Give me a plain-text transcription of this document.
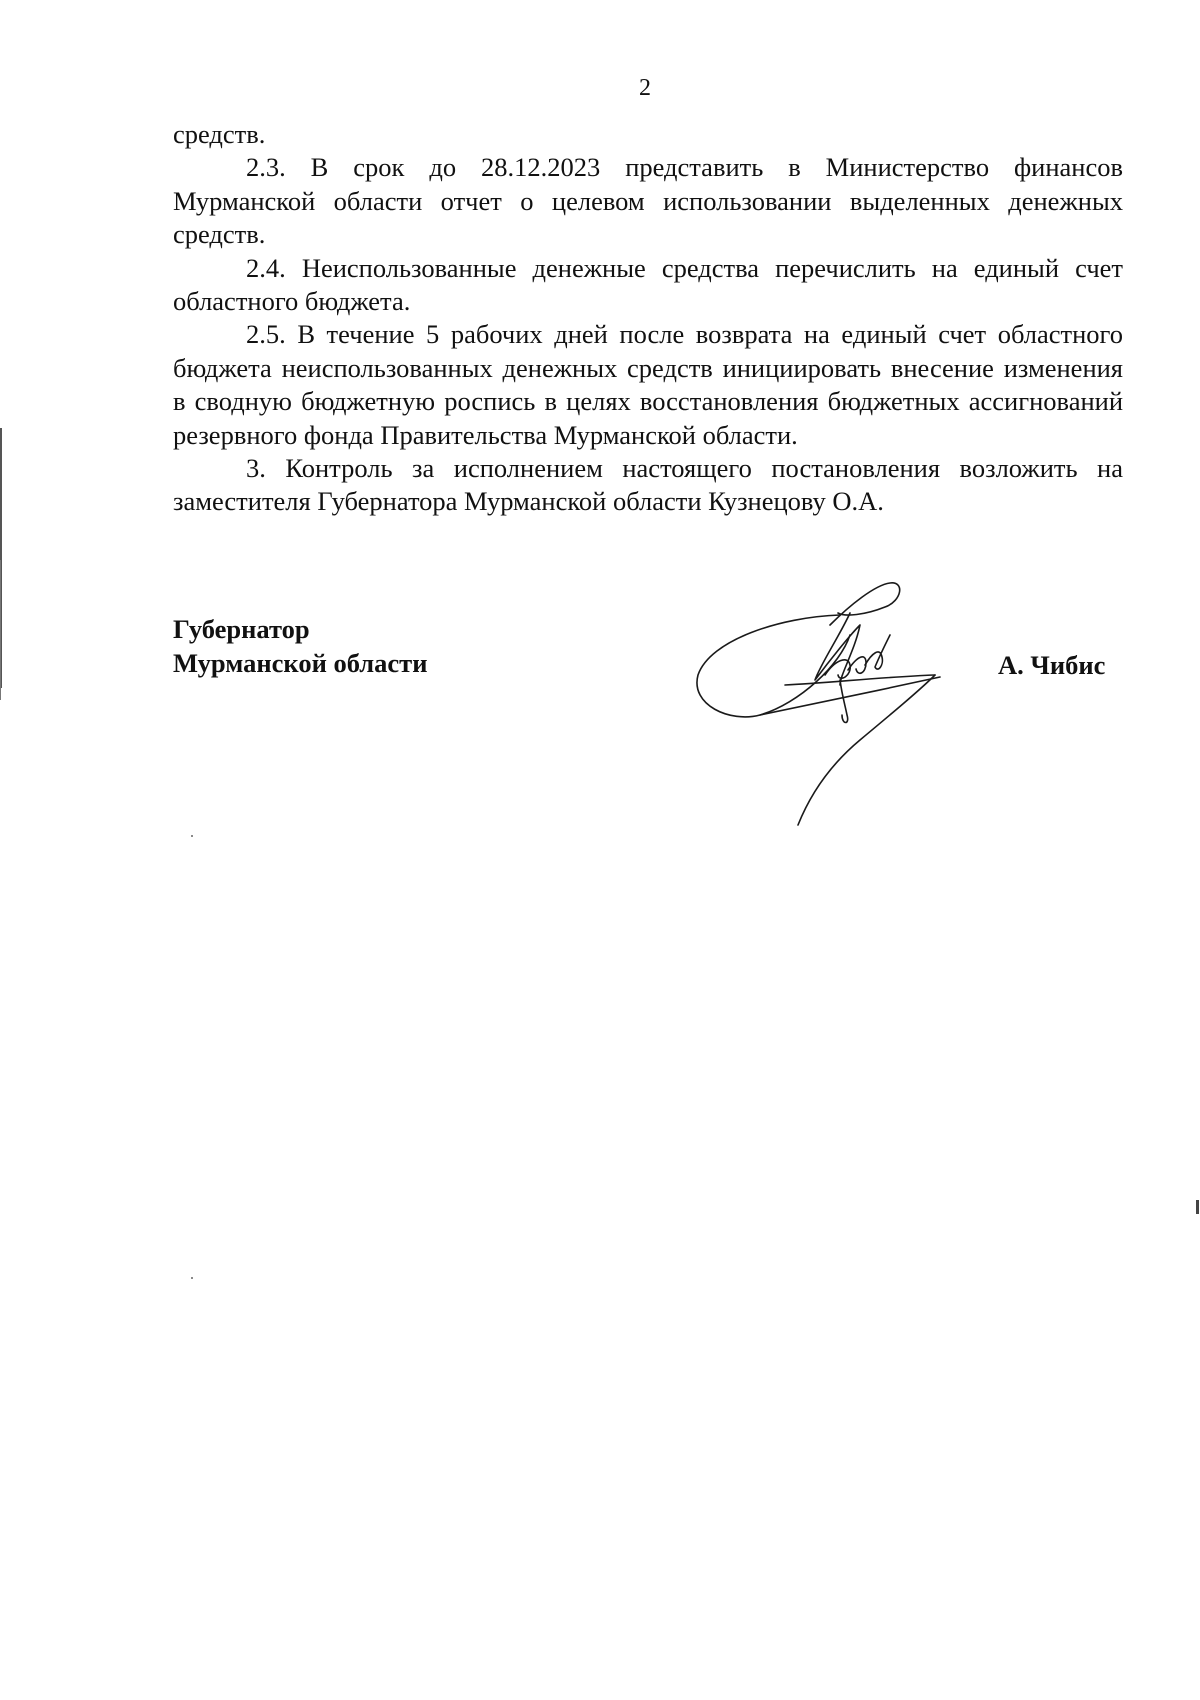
2

средств.

2.3. В срок до 28.12.2023 представить в Министерство финансов Мурманской области отчет о целевом использовании выделенных денежных средств.

2.4. Неиспользованные денежные средства перечислить на единый счет областного бюджета.

2.5. В течение 5 рабочих дней после возврата на единый счет областного бюджета неиспользованных денежных средств инициировать внесение изменения в сводную бюджетную роспись в целях восстановления бюджетных ассигнований резервного фонда Правительства Мурманской области.

3. Контроль за исполнением настоящего постановления возложить на заместителя Губернатора Мурманской области Кузнецову О.А.

Губернатор
Мурманской области	А. Чибис
